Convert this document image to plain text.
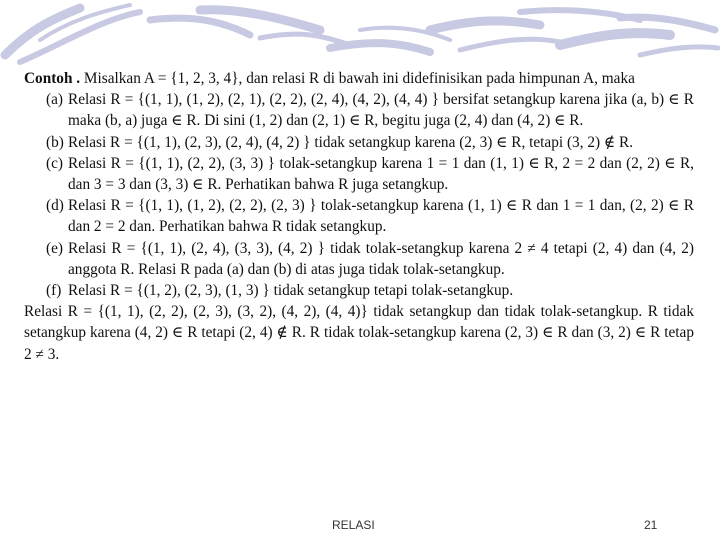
Contoh . Misalkan A = {1, 2, 3, 4}, dan relasi R di bawah ini didefinisikan pada himpunan A, maka

(a) Relasi R = {(1, 1), (1, 2), (2, 1), (2, 2), (2, 4), (4, 2), (4, 4) } bersifat setangkup karena jika (a, b) ∈ R maka (b, a) juga ∈ R. Di sini (1, 2) dan (2, 1) ∈ R, begitu juga (2, 4) dan (4, 2) ∈ R.
(b) Relasi R = {(1, 1), (2, 3), (2, 4), (4, 2) } tidak setangkup karena (2, 3) ∈ R, tetapi (3, 2) ∉ R.
(c) Relasi R = {(1, 1), (2, 2), (3, 3) } tolak-setangkup karena 1 = 1 dan (1, 1) ∈ R, 2 = 2 dan (2, 2) ∈ R, dan 3 = 3 dan (3, 3) ∈ R. Perhatikan bahwa R juga setangkup.
(d) Relasi R = {(1, 1), (1, 2), (2, 2), (2, 3) } tolak-setangkup karena (1, 1) ∈ R dan 1 = 1 dan, (2, 2) ∈ R dan 2 = 2 dan. Perhatikan bahwa R tidak setangkup.
(e) Relasi R = {(1, 1), (2, 4), (3, 3), (4, 2) } tidak tolak-setangkup karena 2 ≠ 4 tetapi (2, 4) dan (4, 2) anggota R. Relasi R pada (a) dan (b) di atas juga tidak tolak-setangkup.
(f) Relasi R = {(1, 2), (2, 3), (1, 3) } tidak setangkup tetapi tolak-setangkup.

Relasi R = {(1, 1), (2, 2), (2, 3), (3, 2), (4, 2), (4, 4)} tidak setangkup dan tidak tolak-setangkup. R tidak setangkup karena (4, 2) ∈ R tetapi (2, 4) ∉ R. R tidak tolak-setangkup karena (2, 3) ∈ R dan (3, 2) ∈ R tetap 2 ≠ 3.

RELASI	21
